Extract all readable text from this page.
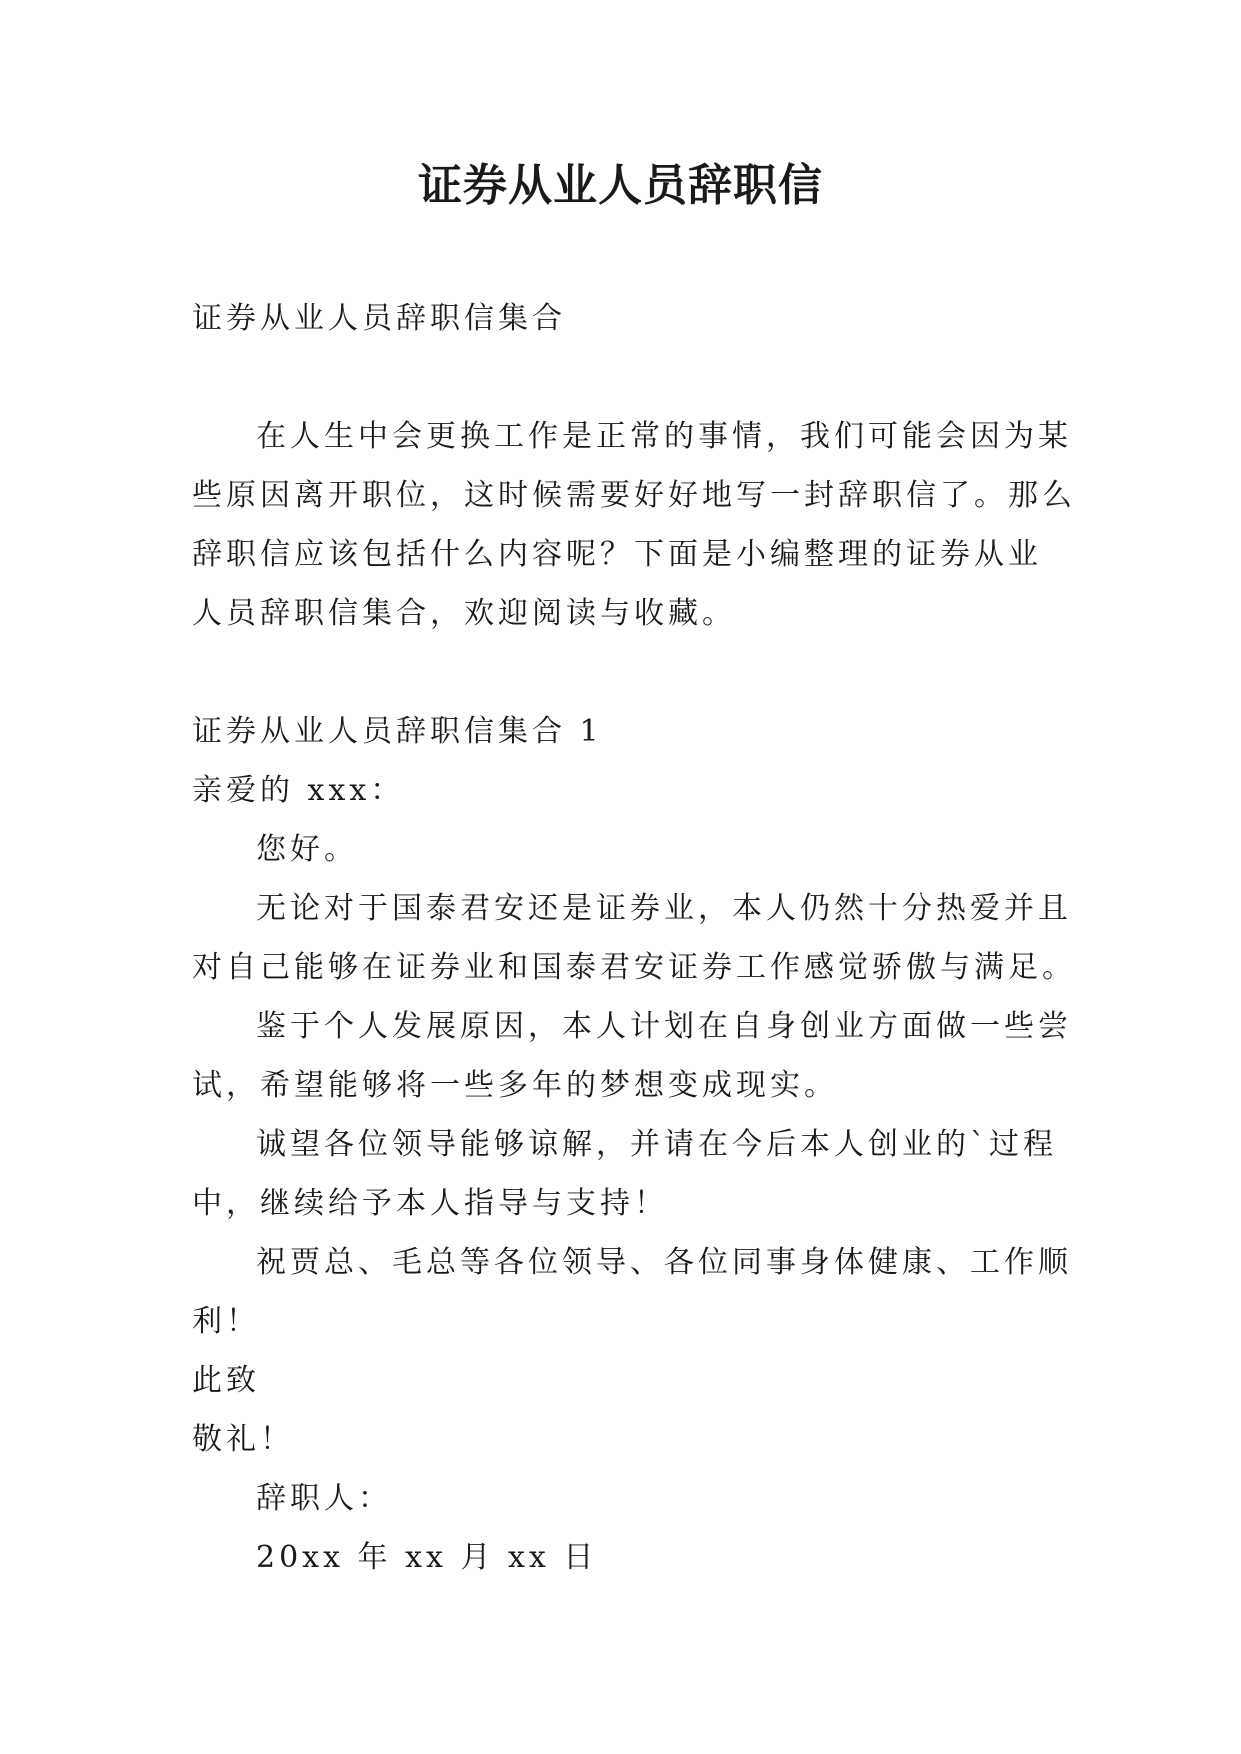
证券从业人员辞职信
证券从业人员辞职信集合
在人生中会更换工作是正常的事情，我们可能会因为某
些原因离开职位，这时候需要好好地写一封辞职信了。那么
辞职信应该包括什么内容呢？下面是小编整理的证券从业
人员辞职信集合，欢迎阅读与收藏。
证券从业人员辞职信集合 1
亲爱的 xxx：
您好。
无论对于国泰君安还是证券业，本人仍然十分热爱并且
对自己能够在证券业和国泰君安证券工作感觉骄傲与满足。
鉴于个人发展原因，本人计划在自身创业方面做一些尝
试，希望能够将一些多年的梦想变成现实。
诚望各位领导能够谅解，并请在今后本人创业的`过程
中，继续给予本人指导与支持！
祝贾总、毛总等各位领导、各位同事身体健康、工作顺
利！
此致
敬礼！
辞职人：
20xx 年 xx 月 xx 日
